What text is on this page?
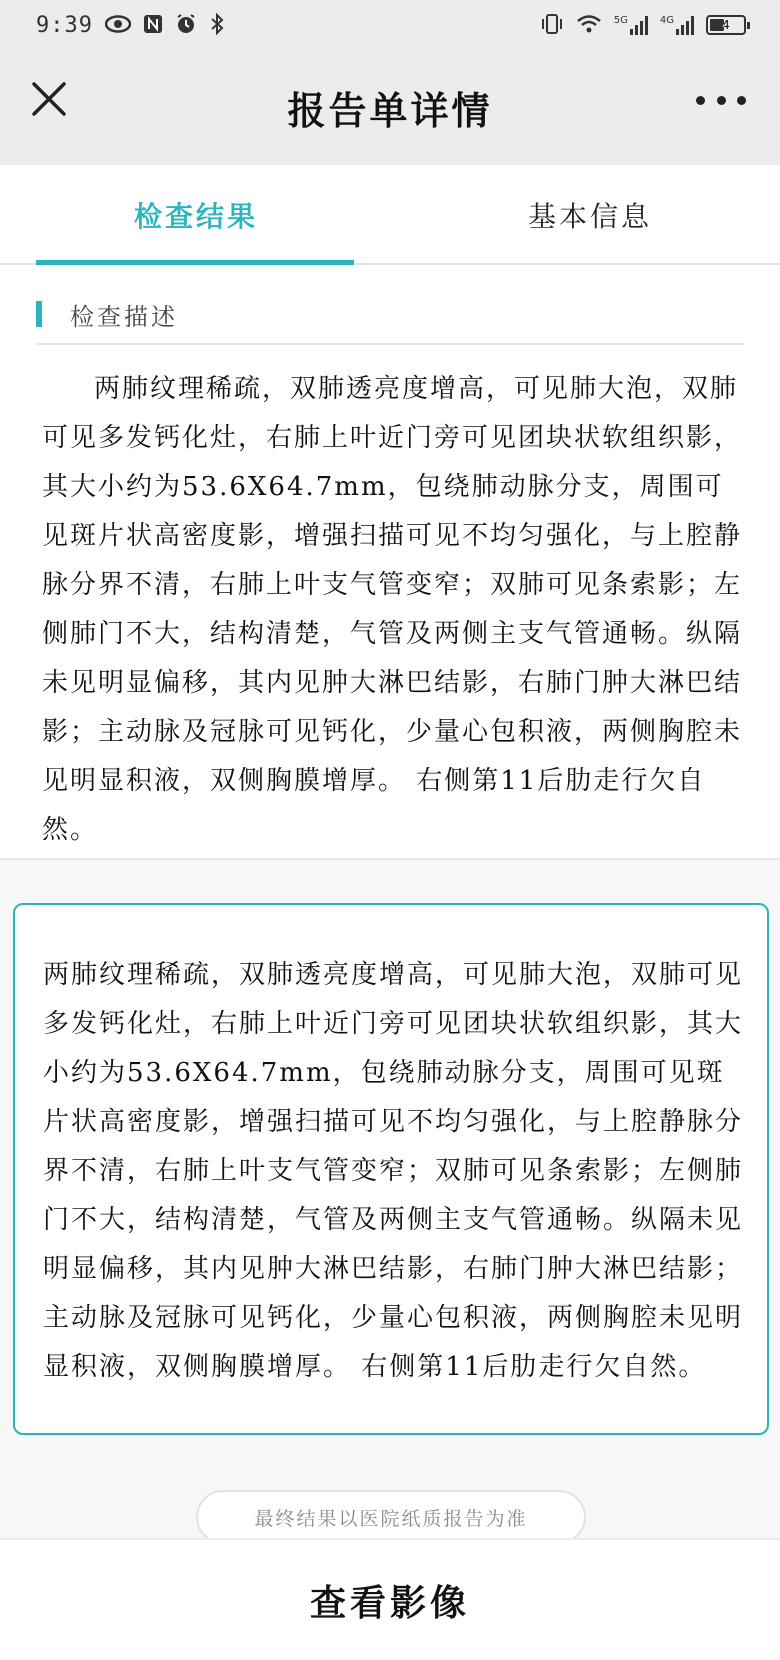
9:39	5G	4G	4
报告单详情
检查结果	基本信息
检查描述
两肺纹理稀疏，双肺透亮度增高，可见肺大泡，双肺可见多发钙化灶，右肺上叶近门旁可见团块状软组织影，其大小约为53.6X64.7mm，包绕肺动脉分支，周围可见斑片状高密度影，增强扫描可见不均匀强化，与上腔静脉分界不清，右肺上叶支气管变窄；双肺可见条索影；左侧肺门不大，结构清楚，气管及两侧主支气管通畅。纵隔未见明显偏移，其内见肿大淋巴结影，右肺门肿大淋巴结影；主动脉及冠脉可见钙化，少量心包积液，两侧胸腔未见明显积液，双侧胸膜增厚。 右侧第11后肋走行欠自然。
两肺纹理稀疏，双肺透亮度增高，可见肺大泡，双肺可见多发钙化灶，右肺上叶近门旁可见团块状软组织影，其大小约为53.6X64.7mm，包绕肺动脉分支，周围可见斑片状高密度影，增强扫描可见不均匀强化，与上腔静脉分界不清，右肺上叶支气管变窄；双肺可见条索影；左侧肺门不大，结构清楚，气管及两侧主支气管通畅。纵隔未见明显偏移，其内见肿大淋巴结影，右肺门肿大淋巴结影；主动脉及冠脉可见钙化，少量心包积液，两侧胸腔未见明显积液，双侧胸膜增厚。 右侧第11后肋走行欠自然。
最终结果以医院纸质报告为准
查看影像
